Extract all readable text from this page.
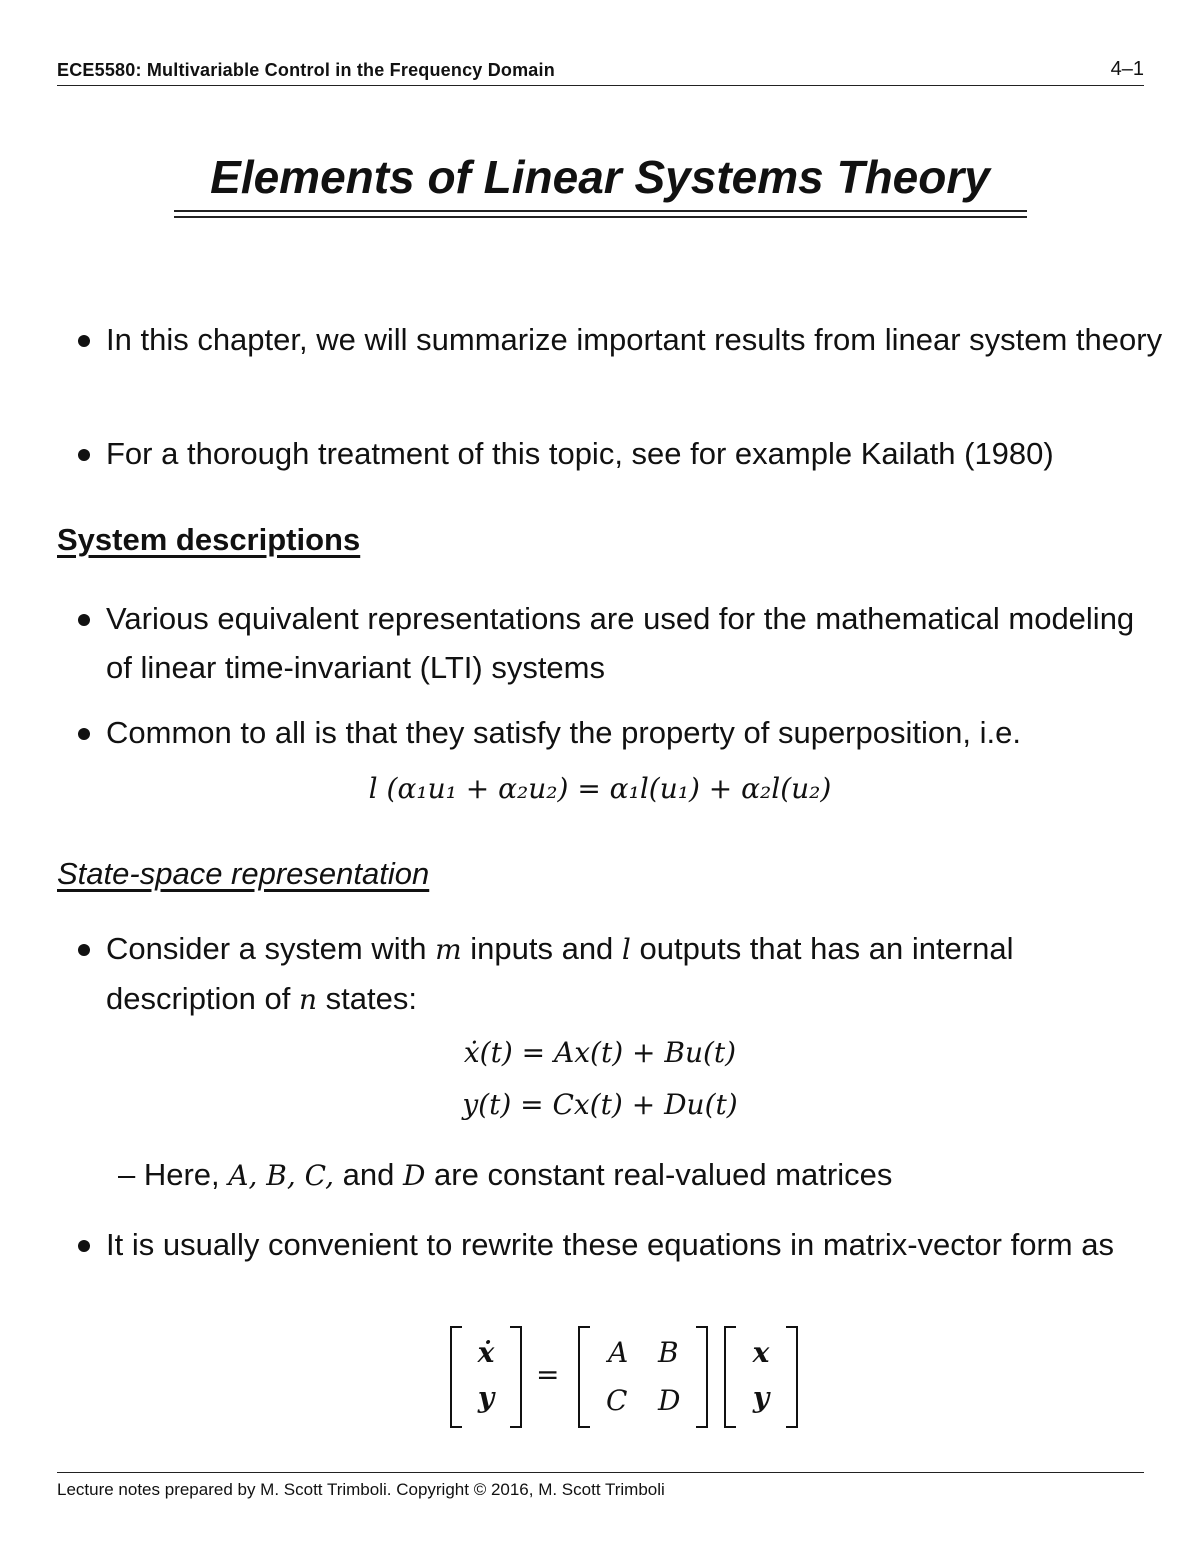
ECE5580: Multivariable Control in the Frequency Domain	4–1
Elements of Linear Systems Theory
In this chapter, we will summarize important results from linear system theory
For a thorough treatment of this topic, see for example Kailath (1980)
System descriptions
Various equivalent representations are used for the mathematical modeling of linear time-invariant (LTI) systems
Common to all is that they satisfy the property of superposition, i.e.
l (α₁u₁ + α₂u₂) = α₁l(u₁) + α₂l(u₂)
State-space representation
Consider a system with m inputs and l outputs that has an internal description of n states:
ẋ(t) = Ax(t) + Bu(t)
y(t) = Cx(t) + Du(t)
– Here, A, B, C, and D are constant real-valued matrices
It is usually convenient to rewrite these equations in matrix-vector form as
ẋ
y
=
A B
C D
x
y
Lecture notes prepared by M. Scott Trimboli. Copyright © 2016, M. Scott Trimboli
